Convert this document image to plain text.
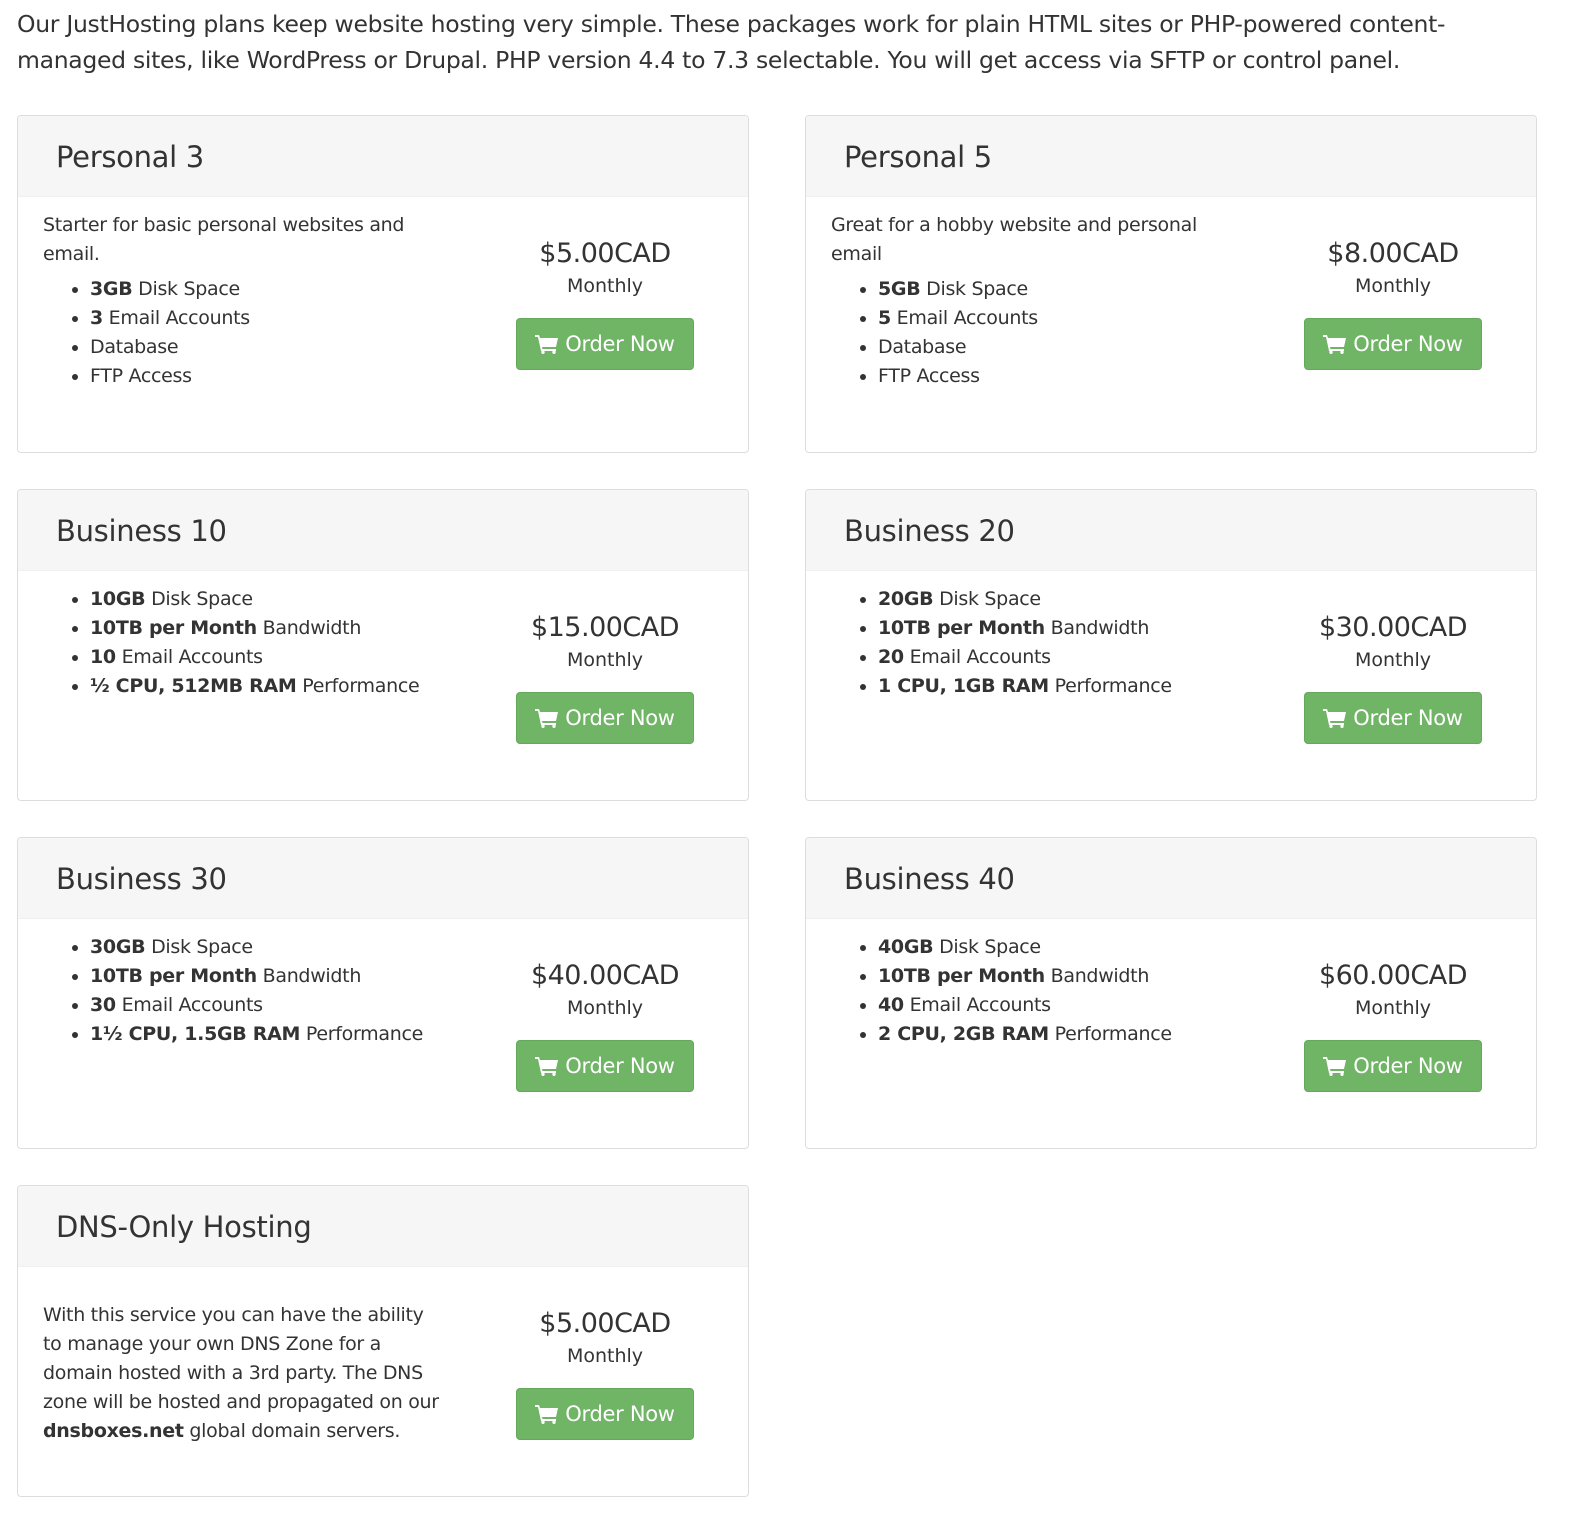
Our JustHosting plans keep website hosting very simple. These packages work for plain HTML sites or PHP-powered content-managed sites, like WordPress or Drupal. PHP version 4.4 to 7.3 selectable. You will get access via SFTP or control panel.
Personal 3

Starter for basic personal websites and email.

• 3GB Disk Space
• 3 Email Accounts
• Database
• FTP Access
$5.00CAD
Monthly
Order Now
Personal 5

Great for a hobby website and personal email

• 5GB Disk Space
• 5 Email Accounts
• Database
• FTP Access
$8.00CAD
Monthly
Order Now
Business 10
• 10GB Disk Space
• 10TB per Month Bandwidth
• 10 Email Accounts
• ½ CPU, 512MB RAM Performance
$15.00CAD
Monthly
Order Now
Business 20
• 20GB Disk Space
• 10TB per Month Bandwidth
• 20 Email Accounts
• 1 CPU, 1GB RAM Performance
$30.00CAD
Monthly
Order Now
Business 30
• 30GB Disk Space
• 10TB per Month Bandwidth
• 30 Email Accounts
• 1½ CPU, 1.5GB RAM Performance
$40.00CAD
Monthly
Order Now
Business 40
• 40GB Disk Space
• 10TB per Month Bandwidth
• 40 Email Accounts
• 2 CPU, 2GB RAM Performance
$60.00CAD
Monthly
Order Now
DNS-Only Hosting

With this service you can have the ability to manage your own DNS Zone for a domain hosted with a 3rd party. The DNS zone will be hosted and propagated on our dnsboxes.net global domain servers.

$5.00CAD
Monthly
Order Now
